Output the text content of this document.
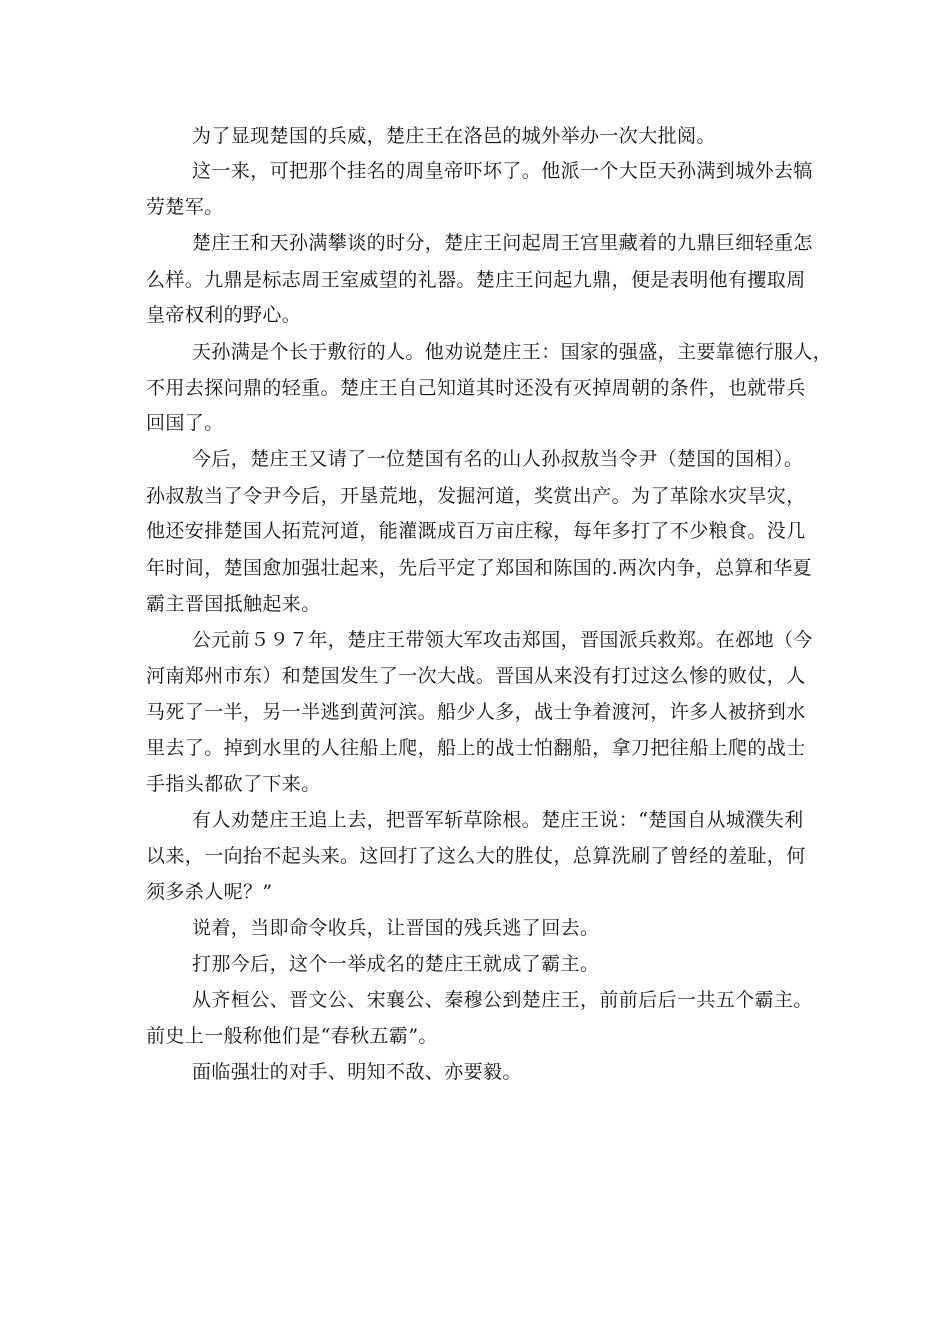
为了显现楚国的兵威，楚庄王在洛邑的城外举办一次大批阅。
这一来，可把那个挂名的周皇帝吓坏了。他派一个大臣天孙满到城外去犒
劳楚军。
楚庄王和天孙满攀谈的时分，楚庄王问起周王宫里藏着的九鼎巨细轻重怎
么样。九鼎是标志周王室威望的礼器。楚庄王问起九鼎，便是表明他有攫取周
皇帝权利的野心。
天孙满是个长于敷衍的人。他劝说楚庄王：国家的强盛，主要靠德行服人，
不用去探问鼎的轻重。楚庄王自己知道其时还没有灭掉周朝的条件，也就带兵
回国了。
今后，楚庄王又请了一位楚国有名的山人孙叔敖当令尹（楚国的国相）。
孙叔敖当了令尹今后，开垦荒地，发掘河道，奖赏出产。为了革除水灾旱灾，
他还安排楚国人拓荒河道，能灌溉成百万亩庄稼，每年多打了不少粮食。没几
年时间，楚国愈加强壮起来，先后平定了郑国和陈国的.两次内争，总算和华夏
霸主晋国抵触起来。
公元前５９７年，楚庄王带领大军攻击郑国，晋国派兵救郑。在邲地（今
河南郑州市东）和楚国发生了一次大战。晋国从来没有打过这么惨的败仗，人
马死了一半，另一半逃到黄河滨。船少人多，战士争着渡河，许多人被挤到水
里去了。掉到水里的人往船上爬，船上的战士怕翻船，拿刀把往船上爬的战士
手指头都砍了下来。
有人劝楚庄王追上去，把晋军斩草除根。楚庄王说：“楚国自从城濮失利
以来，一向抬不起头来。这回打了这么大的胜仗，总算洗刷了曾经的羞耻，何
须多杀人呢？”
说着，当即命令收兵，让晋国的残兵逃了回去。
打那今后，这个一举成名的楚庄王就成了霸主。
从齐桓公、晋文公、宋襄公、秦穆公到楚庄王，前前后后一共五个霸主。
前史上一般称他们是“春秋五霸”。
面临强壮的对手、明知不敌、亦要毅。
